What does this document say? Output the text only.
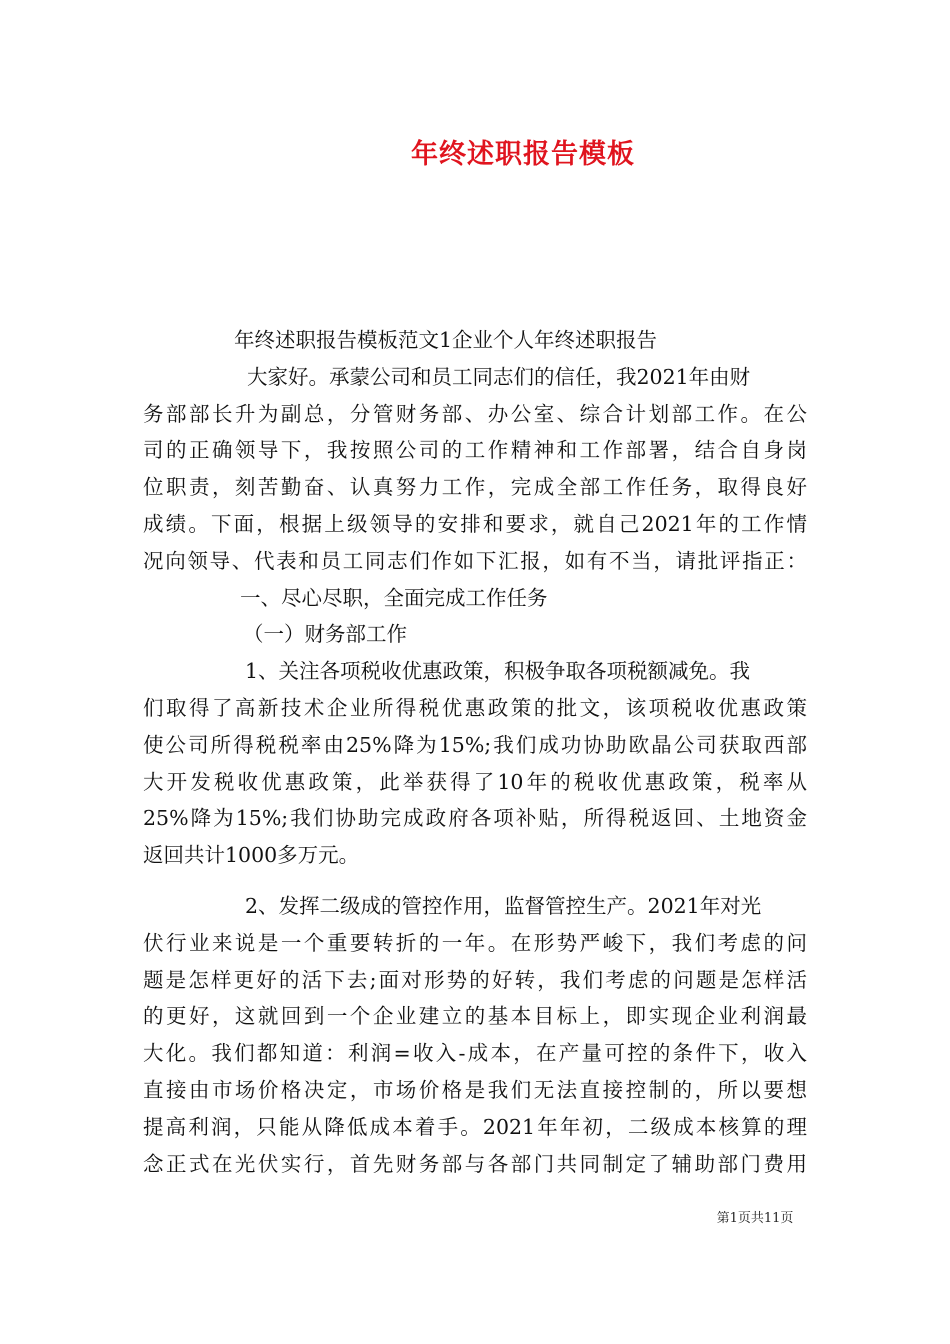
年终述职报告模板
年终述职报告模板范文1企业个人年终述职报告
大家好。承蒙公司和员工同志们的信任，我2021年由财
务部部长升为副总，分管财务部、办公室、综合计划部工作。在公
司的正确领导下，我按照公司的工作精神和工作部署，结合自身岗
位职责，刻苦勤奋、认真努力工作，完成全部工作任务，取得良好
成绩。下面，根据上级领导的安排和要求，就自己2021年的工作情
况向领导、代表和员工同志们作如下汇报，如有不当，请批评指正：
一、尽心尽职，全面完成工作任务
（一）财务部工作
1、关注各项税收优惠政策，积极争取各项税额减免。我
们取得了高新技术企业所得税优惠政策的批文，该项税收优惠政策
使公司所得税税率由25%降为15%;我们成功协助欧晶公司获取西部
大开发税收优惠政策，此举获得了10年的税收优惠政策，税率从
25%降为15%;我们协助完成政府各项补贴，所得税返回、土地资金
返回共计1000多万元。
2、发挥二级成的管控作用，监督管控生产。2021年对光
伏行业来说是一个重要转折的一年。在形势严峻下，我们考虑的问
题是怎样更好的活下去;面对形势的好转，我们考虑的问题是怎样活
的更好，这就回到一个企业建立的基本目标上，即实现企业利润最
大化。我们都知道：利润=收入-成本，在产量可控的条件下，收入
直接由市场价格决定，市场价格是我们无法直接控制的，所以要想
提高利润，只能从降低成本着手。2021年年初，二级成本核算的理
念正式在光伏实行，首先财务部与各部门共同制定了辅助部门费用
第1页共11页
